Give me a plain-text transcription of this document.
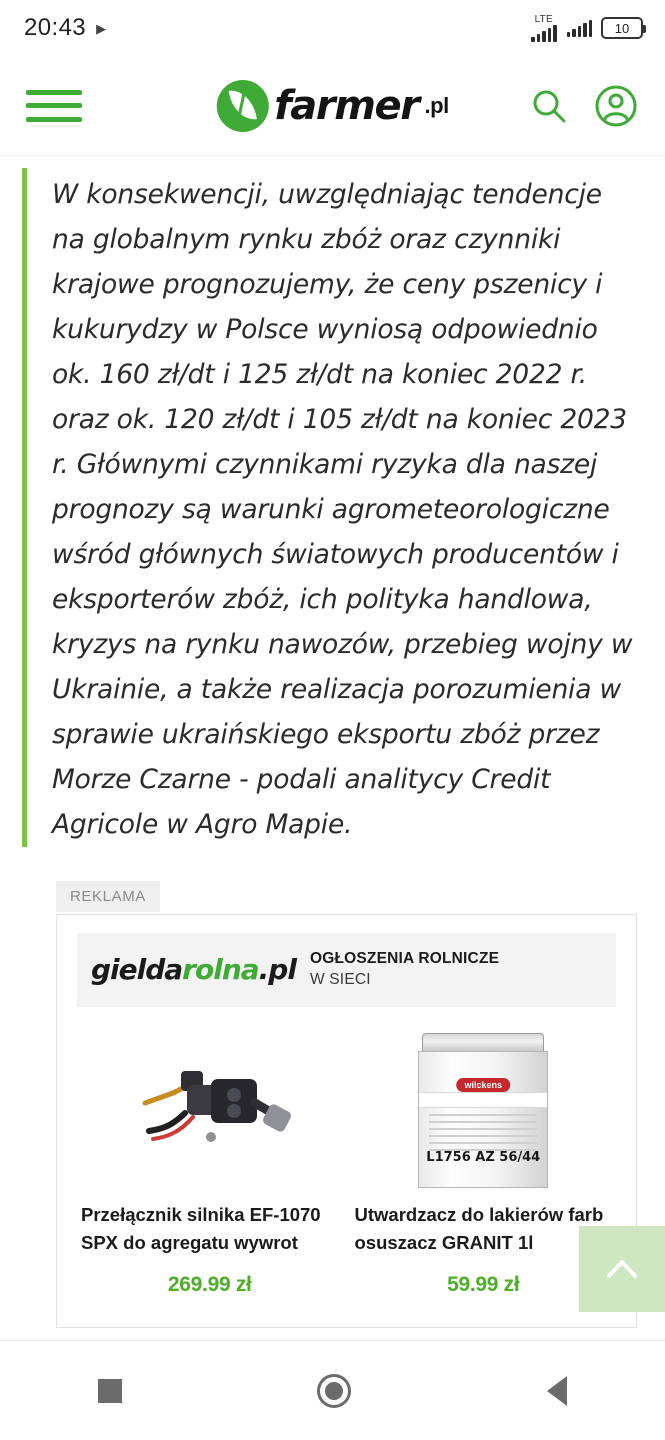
20:43 ▶
LTE
10
farmer .pl

W konsekwencji, uwzględniając tendencje na globalnym rynku zbóż oraz czynniki krajowe prognozujemy, że ceny pszenicy i kukurydzy w Polsce wyniosą odpowiednio ok. 160 zł/dt i 125 zł/dt na koniec 2022 r. oraz ok. 120 zł/dt i 105 zł/dt na koniec 2023 r. Głównymi czynnikami ryzyka dla naszej prognozy są warunki agrometeorologiczne wśród głównych światowych producentów i eksporterów zbóż, ich polityka handlowa, kryzys na rynku nawozów, przebieg wojny w Ukrainie, a także realizacja porozumienia w sprawie ukraińskiego eksportu zbóż przez Morze Czarne - podali analitycy Credit Agricole w Agro Mapie.

REKLAMA
gieldarolna.pl OGŁOSZENIA ROLNICZE
W SIECI
Przełącznik silnika EF-1070 SPX do agregatu wywrot
269.99 zł
wilckens
L1756 AZ 56/44
Utwardzacz do lakierów farb osuszacz GRANIT 1l
59.99 zł
